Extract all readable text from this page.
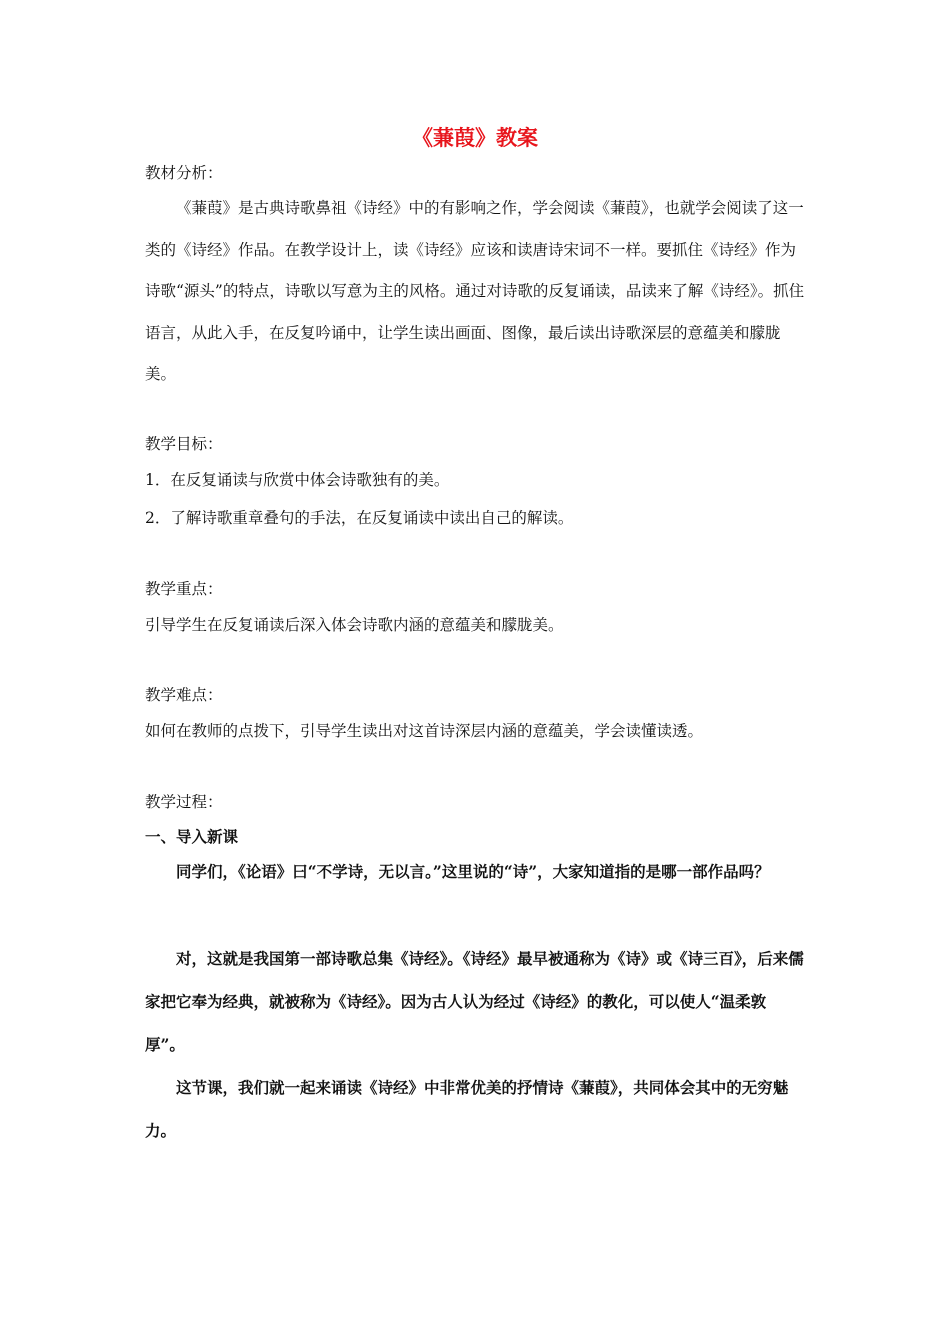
《蒹葭》教案
教材分析：
《蒹葭》是古典诗歌鼻祖《诗经》中的有影响之作，学会阅读《蒹葭》，也就学会阅读了这一类的《诗经》作品。在教学设计上，读《诗经》应该和读唐诗宋词不一样。要抓住《诗经》作为诗歌“源头”的特点，诗歌以写意为主的风格。通过对诗歌的反复诵读，品读来了解《诗经》。抓住语言，从此入手，在反复吟诵中，让学生读出画面、图像，最后读出诗歌深层的意蕴美和朦胧美。
教学目标：
1．在反复诵读与欣赏中体会诗歌独有的美。
2．了解诗歌重章叠句的手法，在反复诵读中读出自己的解读。
教学重点：
引导学生在反复诵读后深入体会诗歌内涵的意蕴美和朦胧美。
教学难点：
如何在教师的点拨下，引导学生读出对这首诗深层内涵的意蕴美，学会读懂读透。
教学过程：
一、导入新课
同学们，《论语》曰“不学诗，无以言。”这里说的“诗”，大家知道指的是哪一部作品吗？
对，这就是我国第一部诗歌总集《诗经》。《诗经》最早被通称为《诗》或《诗三百》，后来儒家把它奉为经典，就被称为《诗经》。因为古人认为经过《诗经》的教化，可以使人“温柔敦厚”。
这节课，我们就一起来诵读《诗经》中非常优美的抒情诗《蒹葭》，共同体会其中的无穷魅力。
